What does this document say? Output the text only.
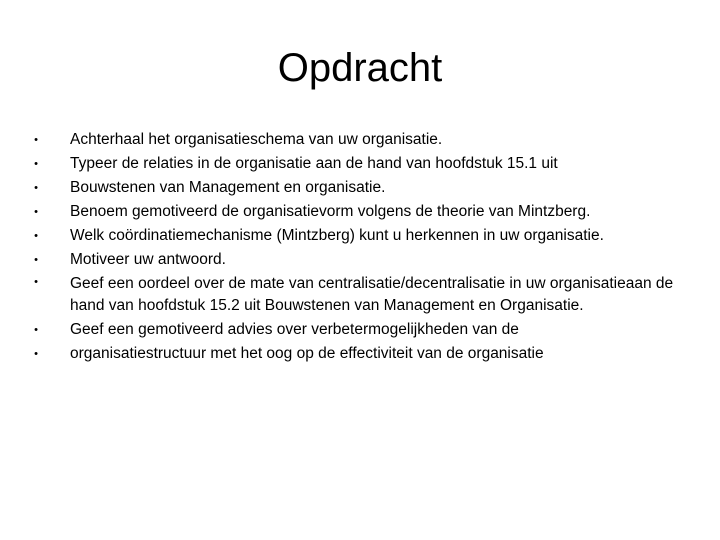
Opdracht
• Achterhaal het organisatieschema van uw organisatie.
• Typeer de relaties in de organisatie aan de hand van hoofdstuk 15.1 uit
• Bouwstenen van Management en organisatie.
• Benoem gemotiveerd de organisatievorm volgens de theorie van Mintzberg.
• Welk coördinatiemechanisme (Mintzberg) kunt u herkennen in uw organisatie.
• Motiveer uw antwoord.
• Geef een oordeel over de mate van centralisatie/decentralisatie in uw organisatieaan de hand van hoofdstuk 15.2 uit Bouwstenen van Management en Organisatie.
• Geef een gemotiveerd advies over verbetermogelijkheden van de
• organisatiestructuur met het oog op de effectiviteit van de organisatie
